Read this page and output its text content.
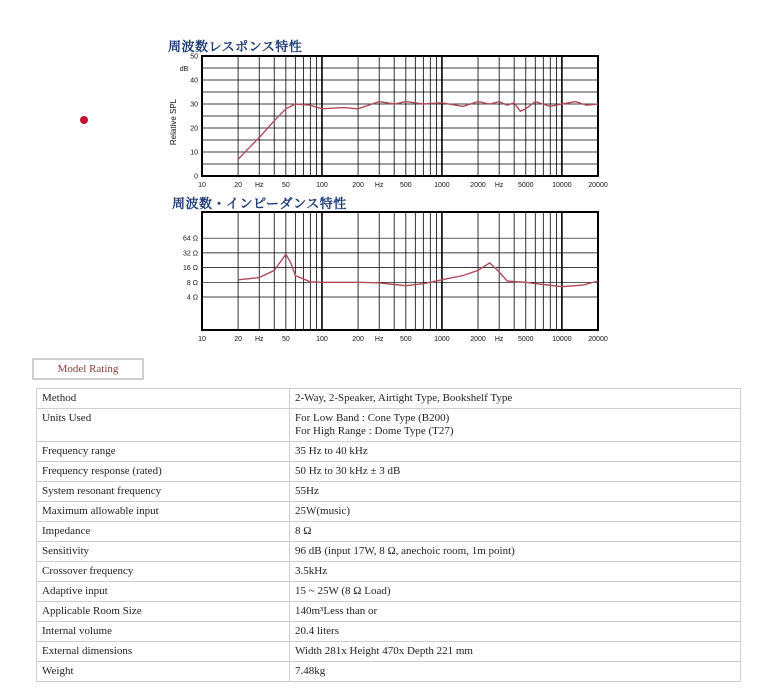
周波数レスポンス特性
10	20 Hz	50	100	200 Hz 500	1000	2000 Hz 5000	10000 20000
50
40
30
20
10
0
dB
Relative SPL
周波数・インピーダンス特性
10	20 Hz	50	100	200 Hz 500	1000	2000 Hz 5000	10000 20000
64 Ω
32 Ω
16 Ω
8 Ω
4 Ω
Model Rating
Method	2-Way, 2-Speaker, Airtight Type, Bookshelf Type

Units Used	For Low Band : Cone Type (B200)
For High Range : Dome Type (T27)

Frequency range	35 Hz to 40 kHz

Frequency response (rated)	50 Hz to 30 kHz ± 3 dB

System resonant frequency	55Hz

Maximum allowable input	25W(music)

Impedance	8 Ω

Sensitivity	96 dB (input 17W, 8 Ω, anechoic room, 1m point)

Crossover frequency	3.5kHz

Adaptive input	15 ~ 25W (8 Ω Load)

Applicable Room Size	140m³Less than or

Internal volume	20.4 liters

External dimensions	Width 281x Height 470x Depth 221 mm

Weight	7.48kg
